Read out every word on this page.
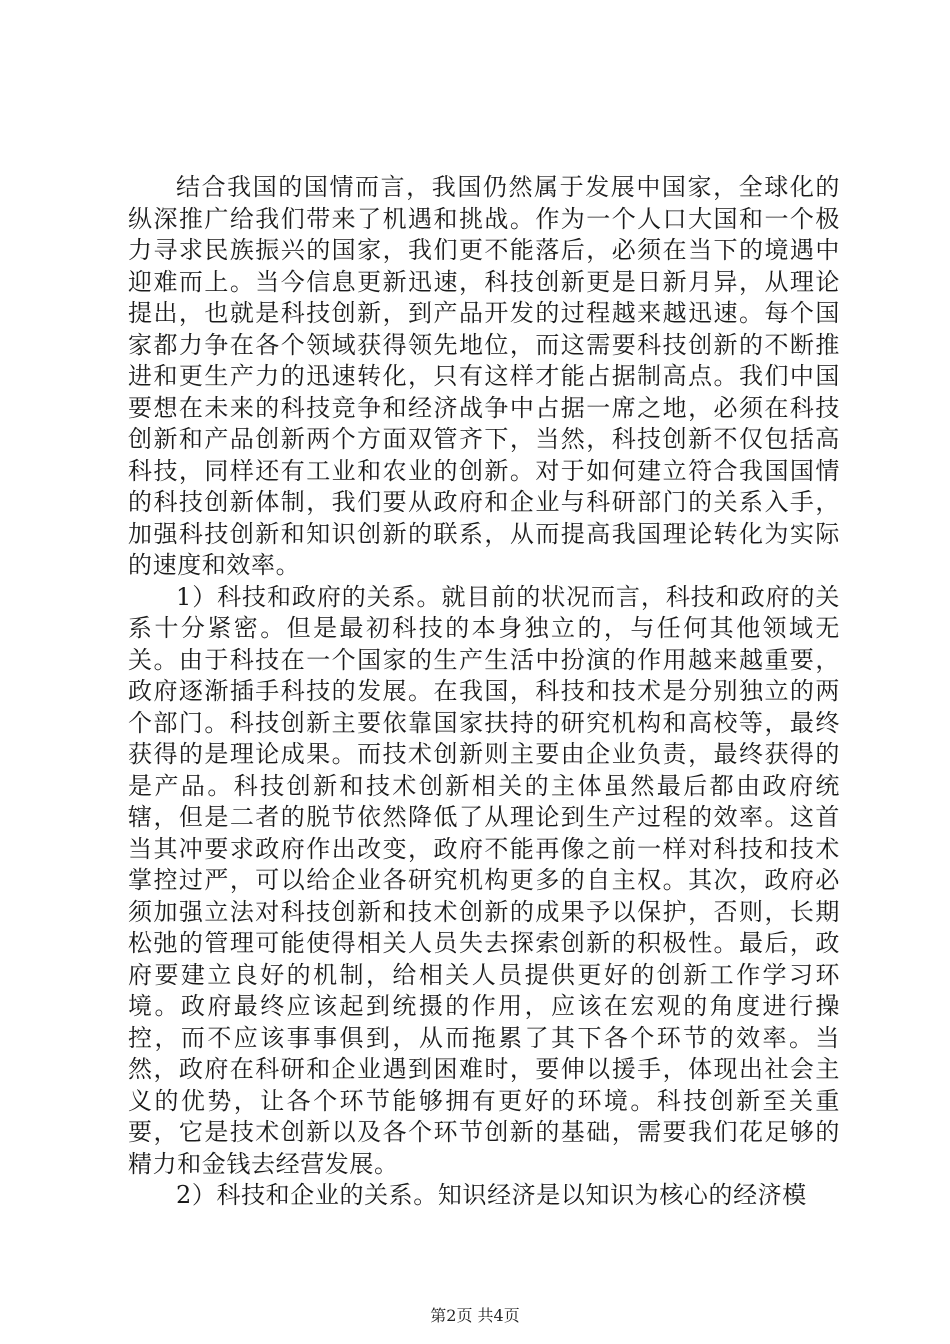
结合我国的国情而言，我国仍然属于发展中国家，全球化的纵深推广给我们带来了机遇和挑战。作为一个人口大国和一个极力寻求民族振兴的国家，我们更不能落后，必须在当下的境遇中迎难而上。当今信息更新迅速，科技创新更是日新月异，从理论提出，也就是科技创新，到产品开发的过程越来越迅速。每个国家都力争在各个领域获得领先地位，而这需要科技创新的不断推进和更生产力的迅速转化，只有这样才能占据制高点。我们中国要想在未来的科技竞争和经济战争中占据一席之地，必须在科技创新和产品创新两个方面双管齐下，当然，科技创新不仅包括高科技，同样还有工业和农业的创新。对于如何建立符合我国国情的科技创新体制，我们要从政府和企业与科研部门的关系入手，加强科技创新和知识创新的联系，从而提高我国理论转化为实际的速度和效率。

1）科技和政府的关系。就目前的状况而言，科技和政府的关系十分紧密。但是最初科技的本身独立的，与任何其他领域无关。由于科技在一个国家的生产生活中扮演的作用越来越重要，政府逐渐插手科技的发展。在我国，科技和技术是分别独立的两个部门。科技创新主要依靠国家扶持的研究机构和高校等，最终获得的是理论成果。而技术创新则主要由企业负责，最终获得的是产品。科技创新和技术创新相关的主体虽然最后都由政府统辖，但是二者的脱节依然降低了从理论到生产过程的效率。这首当其冲要求政府作出改变，政府不能再像之前一样对科技和技术掌控过严，可以给企业各研究机构更多的自主权。其次，政府必须加强立法对科技创新和技术创新的成果予以保护，否则，长期松弛的管理可能使得相关人员失去探索创新的积极性。最后，政府要建立良好的机制，给相关人员提供更好的创新工作学习环境。政府最终应该起到统摄的作用，应该在宏观的角度进行操控，而不应该事事俱到，从而拖累了其下各个环节的效率。当然，政府在科研和企业遇到困难时，要伸以援手，体现出社会主义的优势，让各个环节能够拥有更好的环境。科技创新至关重要，它是技术创新以及各个环节创新的基础，需要我们花足够的精力和金钱去经营发展。

2）科技和企业的关系。知识经济是以知识为核心的经济模

第2页 共4页
